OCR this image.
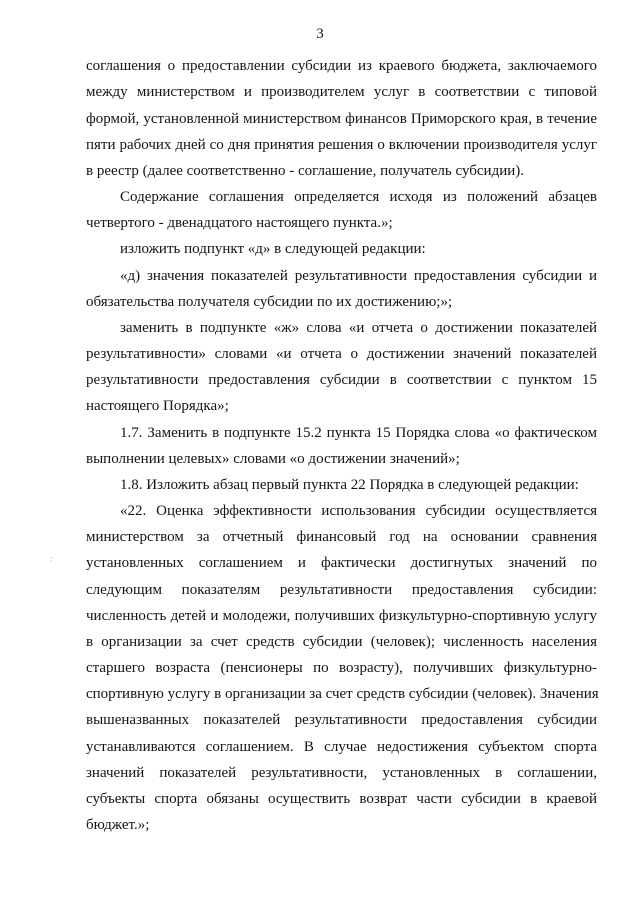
3
:
соглашения о предоставлении субсидии из краевого бюджета, заключаемого
между министерством и производителем услуг в соответствии с типовой
формой, установленной министерством финансов Приморского края, в течение
пяти рабочих дней со дня принятия решения о включении производителя услуг
в реестр (далее соответственно - соглашение, получатель субсидии).
Содержание соглашения определяется исходя из положений абзацев
четвертого - двенадцатого настоящего пункта.»;
изложить подпункт «д» в следующей редакции:
«д) значения показателей результативности предоставления субсидии и
обязательства получателя субсидии по их достижению;»;
заменить в подпункте «ж» слова «и отчета о достижении показателей
результативности» словами «и отчета о достижении значений показателей
результативности предоставления субсидии в соответствии с пунктом 15
настоящего Порядка»;
1.7. Заменить в подпункте 15.2 пункта 15 Порядка слова «о фактическом
выполнении целевых» словами «о достижении значений»;
1.8. Изложить абзац первый пункта 22 Порядка в следующей редакции:
«22. Оценка эффективности использования субсидии осуществляется
министерством за отчетный финансовый год на основании сравнения
установленных соглашением и фактически достигнутых значений по
следующим показателям результативности предоставления субсидии:
численность детей и молодежи, получивших физкультурно-спортивную услугу
в организации за счет средств субсидии (человек); численность населения
старшего возраста (пенсионеры по возрасту), получивших физкультурно-
спортивную услугу в организации за счет средств субсидии (человек). Значения
вышеназванных показателей результативности предоставления субсидии
устанавливаются соглашением. В случае недостижения субъектом спорта
значений показателей результативности, установленных в соглашении,
субъекты спорта обязаны осуществить возврат части субсидии в краевой
бюджет.»;
